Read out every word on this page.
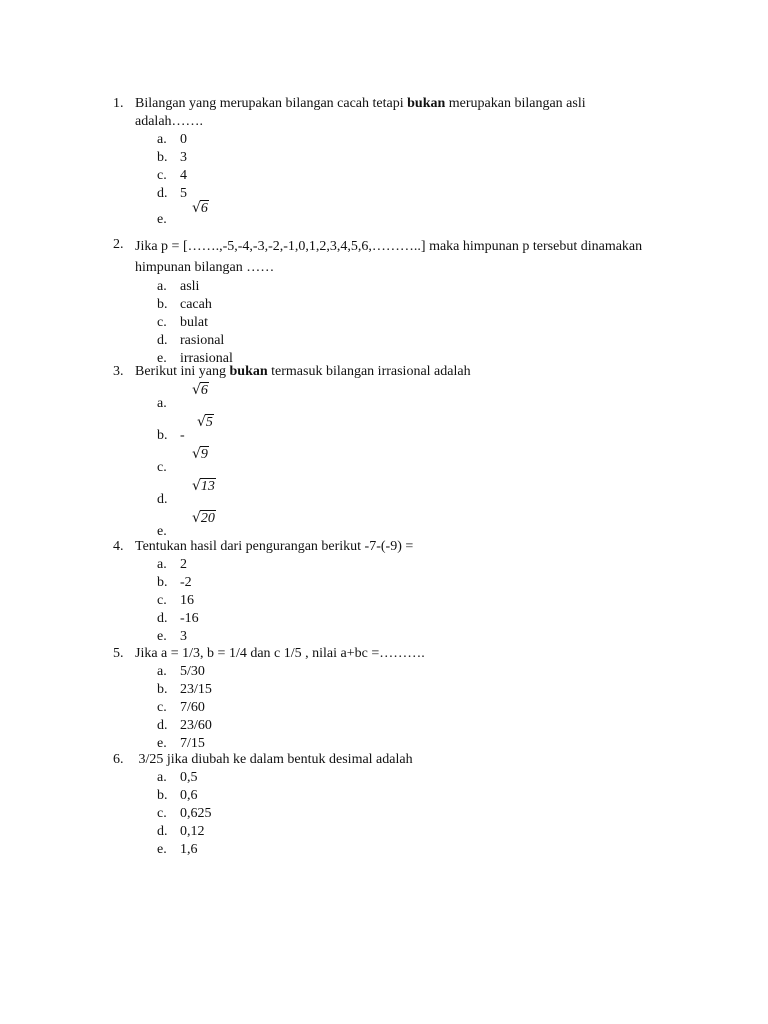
1. Bilangan yang merupakan bilangan cacah tetapi bukan merupakan bilangan asli adalah…….
a. 0
b. 3
c. 4
d. 5
e.
√6
2. Jika p = […….,-5,-4,-3,-2,-1,0,1,2,3,4,5,6,………..] maka himpunan p tersebut dinamakan himpunan bilangan ……
a. asli
b. cacah
c. bulat
d. rasional
e. irrasional
3. Berikut ini yang bukan termasuk bilangan irrasional adalah
a.
√6
b. -
√5
c.
√9
d.
√13
e.
√20
4. Tentukan hasil dari pengurangan berikut -7-(-9) =
a. 2
b. -2
c. 16
d. -16
e. 3
5. Jika a = 1/3, b = 1/4 dan c 1/5 , nilai a+bc =……….
a. 5/30
b. 23/15
c. 7/60
d. 23/60
e. 7/15
6. 3/25 jika diubah ke dalam bentuk desimal adalah
a. 0,5
b. 0,6
c. 0,625
d. 0,12
e. 1,6
